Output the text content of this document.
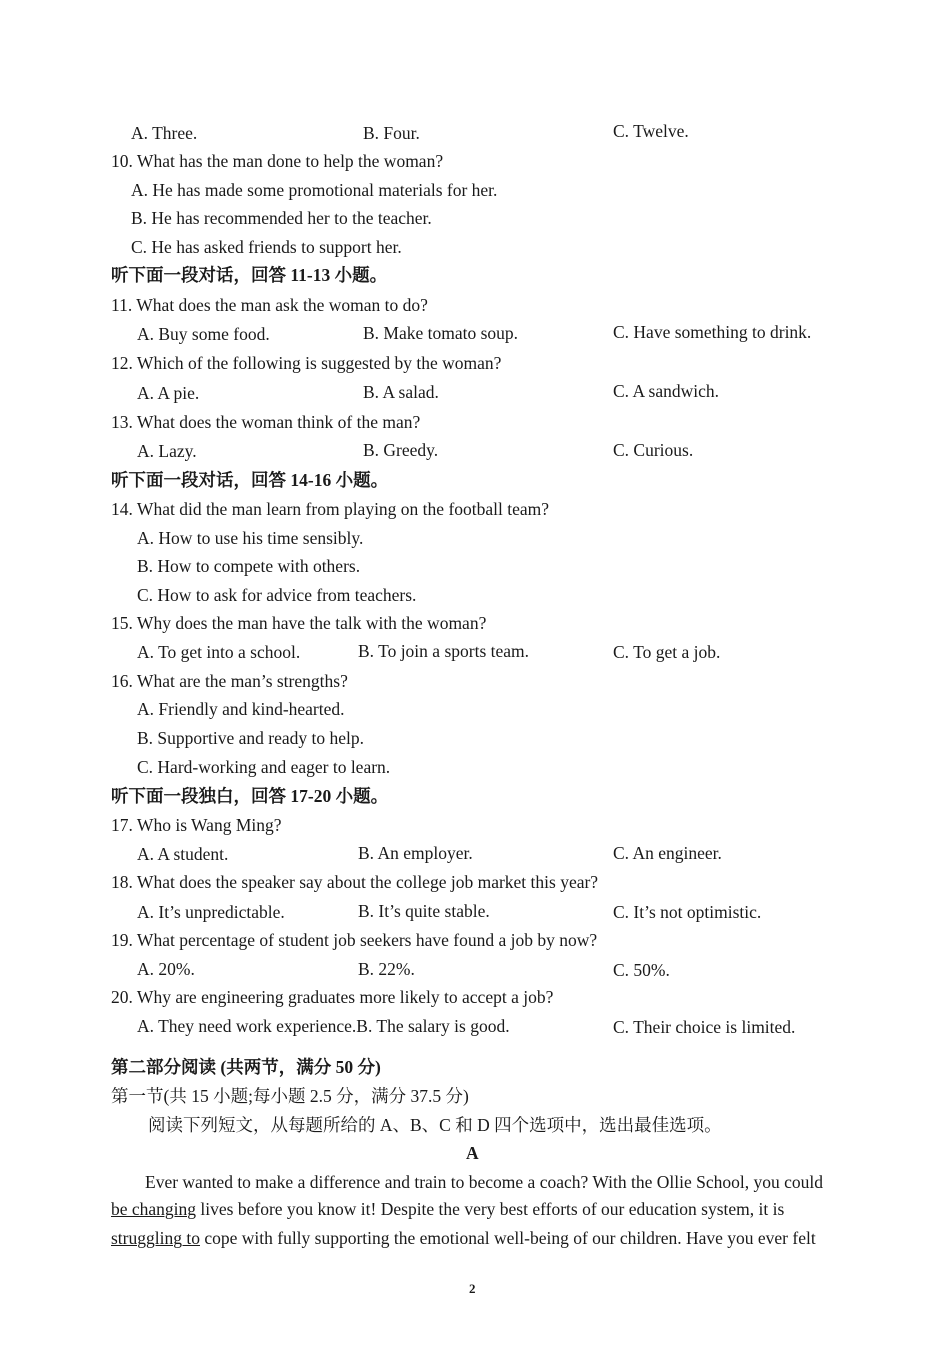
A. Three.	B. Four.	C. Twelve.
10. What has the man done to help the woman?
A. He has made some promotional materials for her.
B. He has recommended her to the teacher.
C. He has asked friends to support her.
听下面一段对话，回答 11-13 小题。
11. What does the man ask the woman to do?
A. Buy some food.	B. Make tomato soup.	C. Have something to drink.
12. Which of the following is suggested by the woman?
A. A pie.	B. A salad.	C. A sandwich.
13. What does the woman think of the man?
A. Lazy.	B. Greedy.	C. Curious.
听下面一段对话，回答 14-16 小题。
14. What did the man learn from playing on the football team?
A. How to use his time sensibly.
B. How to compete with others.
C. How to ask for advice from teachers.
15. Why does the man have the talk with the woman?
A. To get into a school.	B. To join a sports team.	C. To get a job.
16. What are the man’s strengths?
A. Friendly and kind-hearted.
B. Supportive and ready to help.
C. Hard-working and eager to learn.
听下面一段独白，回答 17-20 小题。
17. Who is Wang Ming?
A. A student.	B. An employer.	C. An engineer.
18. What does the speaker say about the college job market this year?
A. It’s unpredictable.	B. It’s quite stable.	C. It’s not optimistic.
19. What percentage of student job seekers have found a job by now?
A. 20%.	B. 22%.	C. 50%.
20. Why are engineering graduates more likely to accept a job?
A. They need work experience.B. The salary is good.	C. Their choice is limited.
第二部分阅读 (共两节，满分 50 分)
第一节(共 15 小题;每小题 2.5 分，满分 37.5 分)
阅读下列短文，从每题所给的 A、B、C 和 D 四个选项中，选出最佳选项。
A
Ever wanted to make a difference and train to become a coach? With the Ollie School, you could
be changing lives before you know it! Despite the very best efforts of our education system, it is
struggling to cope with fully supporting the emotional well-being of our children. Have you ever felt
2
